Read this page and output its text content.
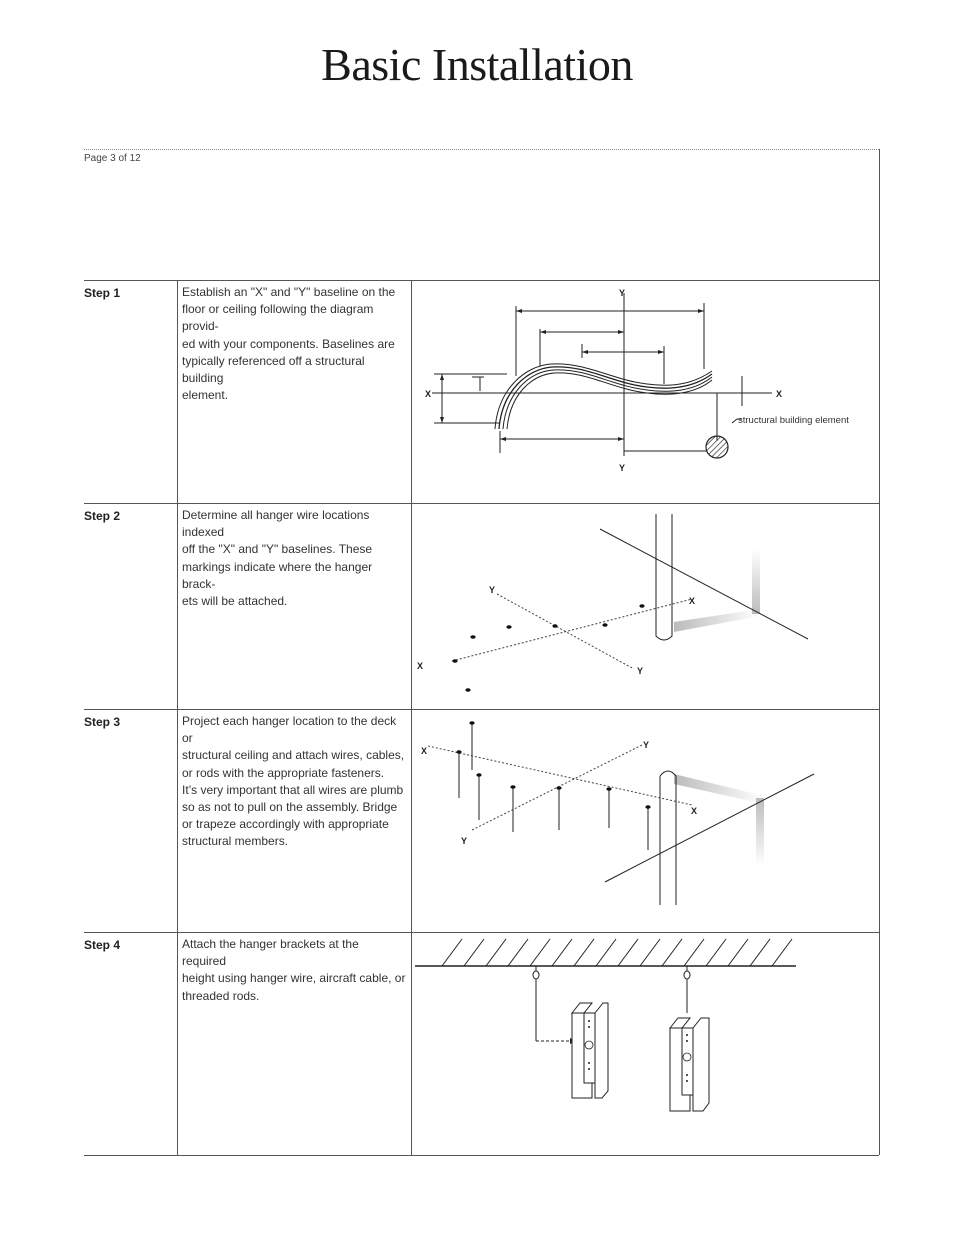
Basic Installation
Page 3 of 12
Step 1	Establish an "X" and "Y" baseline on the
floor or ceiling following the diagram provid-
ed with your components. Baselines are
typically referenced off a structural building
element.
Y
Y
X	X
structural building element
Step 2	Determine all hanger wire locations indexed
off the "X" and "Y" baselines. These
markings indicate where the hanger brack-
ets will be attached.
Y
Y
X
X
Step 3	Project each hanger location to the deck or
structural ceiling and attach wires, cables,
or rods with the appropriate fasteners.
It’s very important that all wires are plumb
so as not to pull on the assembly. Bridge
or trapeze accordingly with appropriate
structural members.
Y
Y
X
X
Step 4	Attach the hanger brackets at the required
height using hanger wire, aircraft cable, or
threaded rods.
